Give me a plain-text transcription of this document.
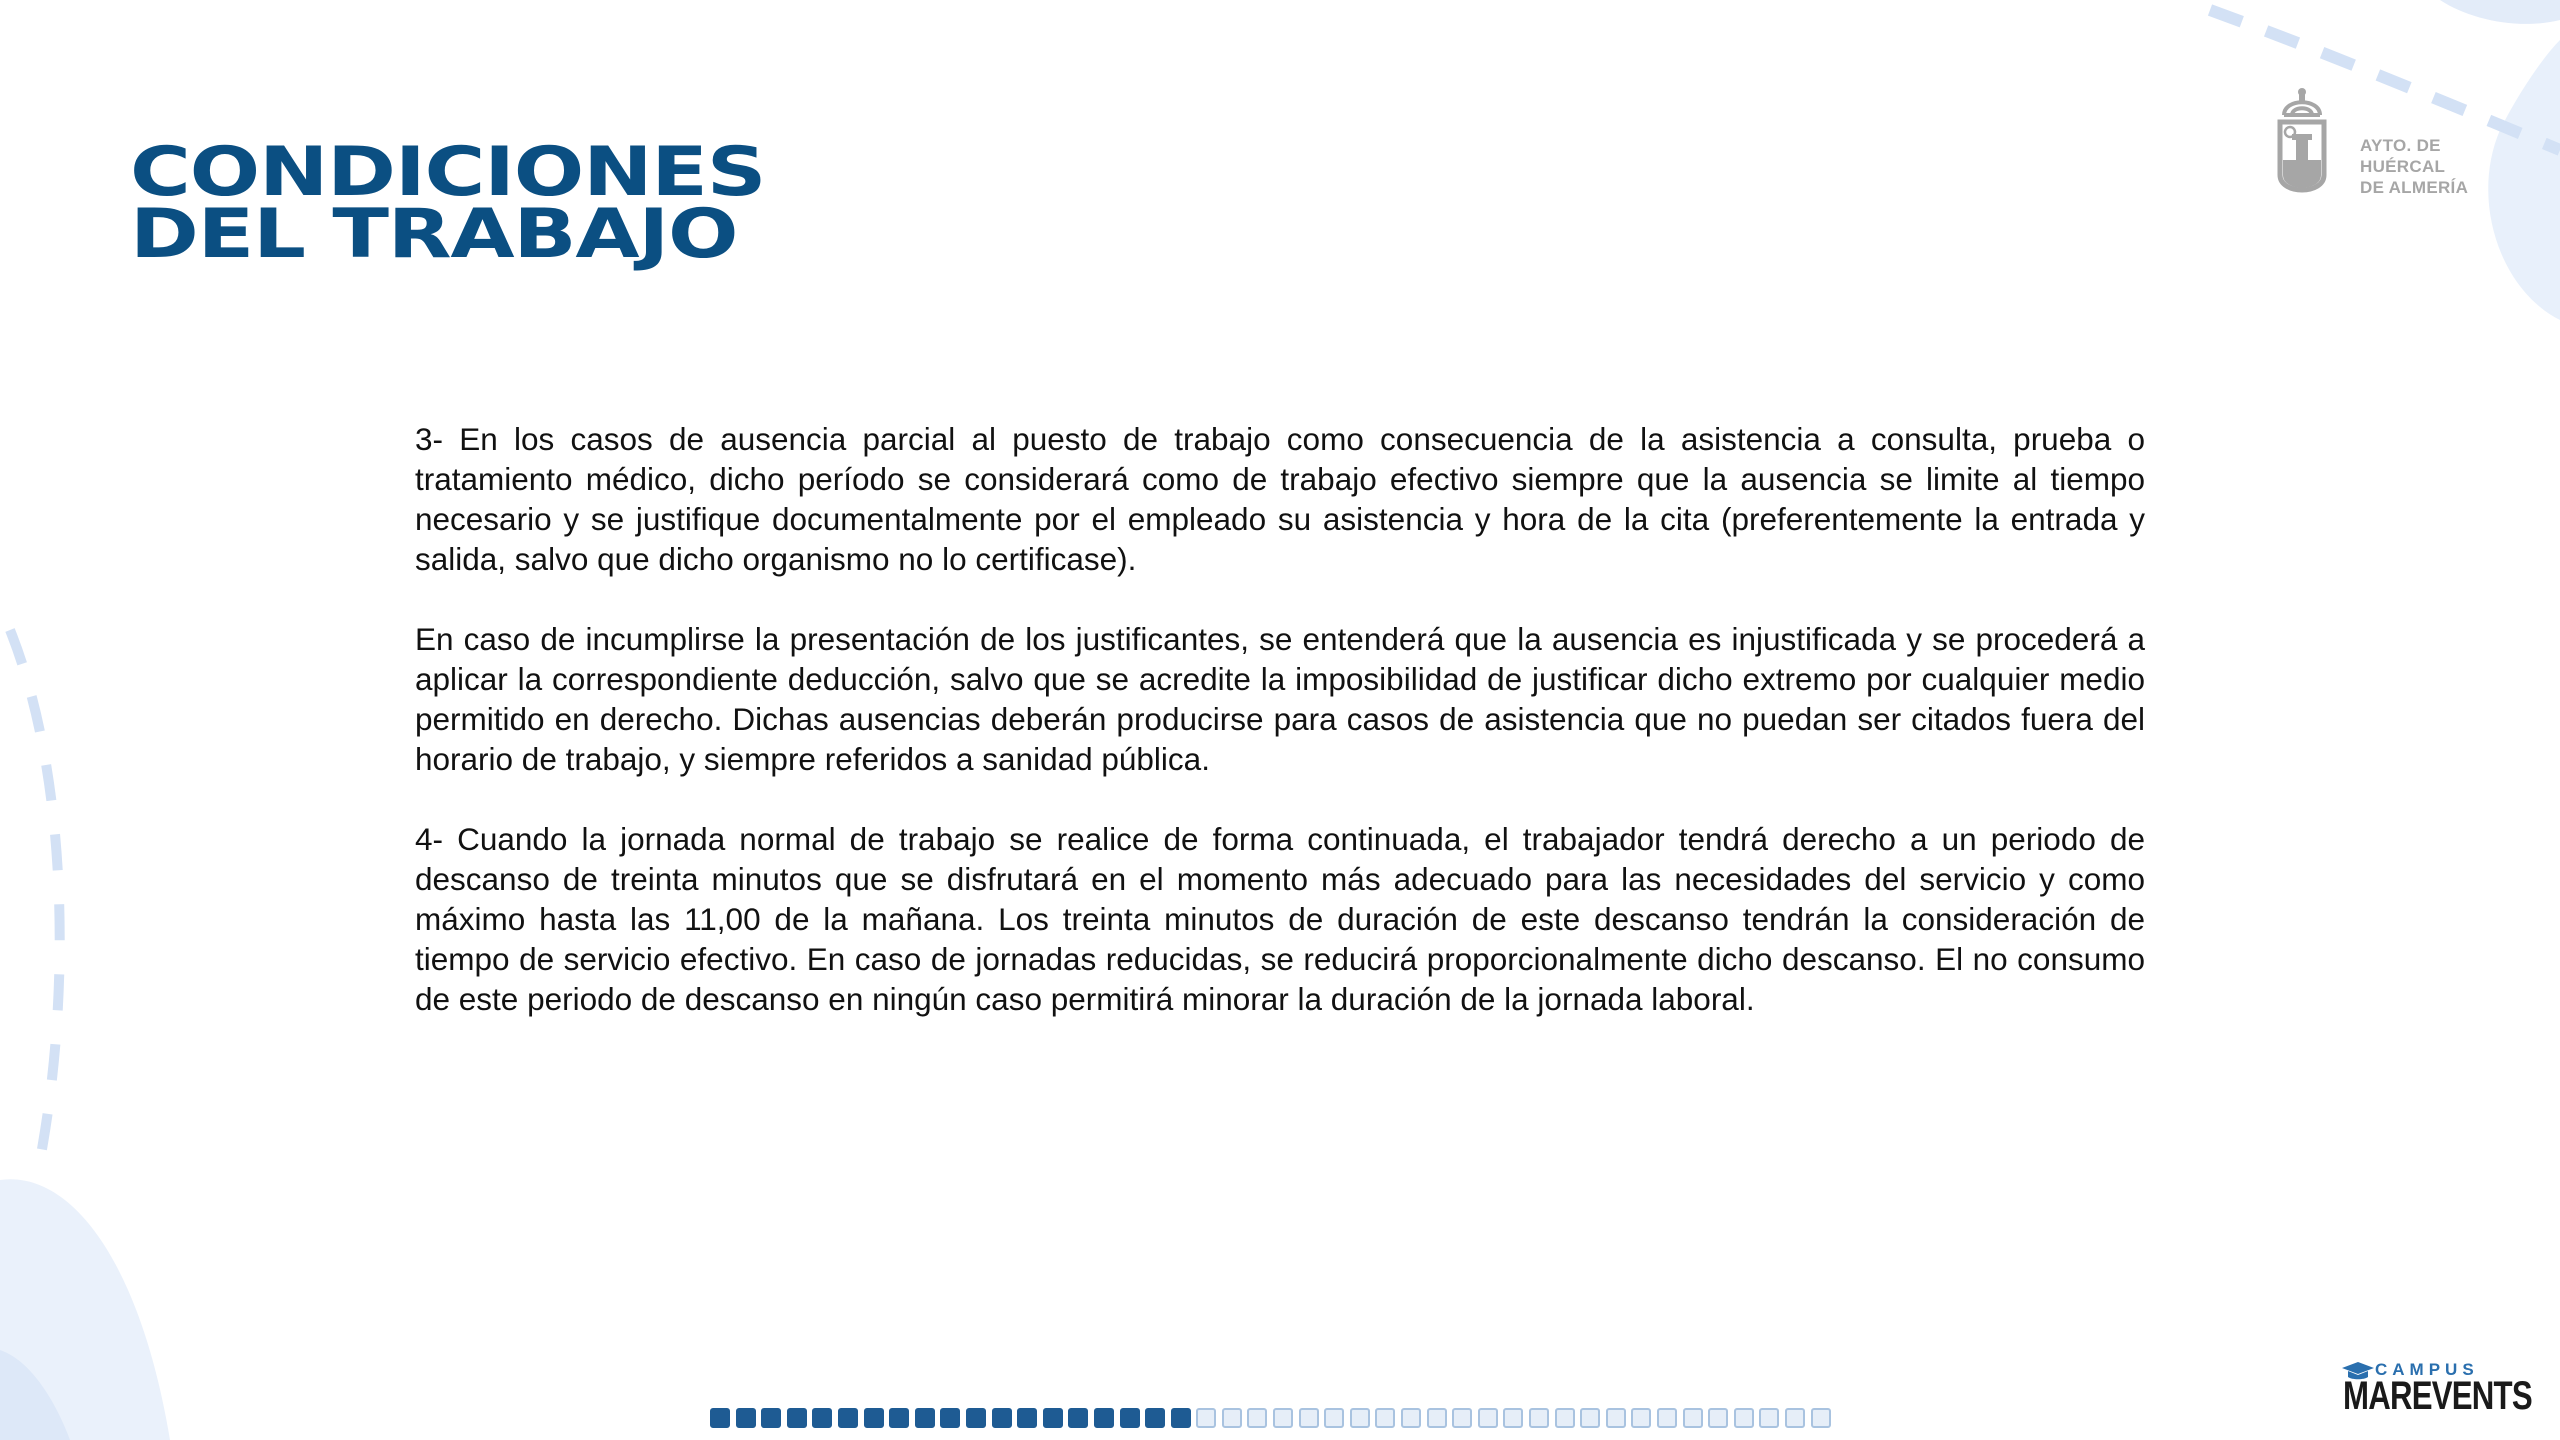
CONDICIONES
DEL TRABAJO
AYTO. DE
HUÉRCAL
DE ALMERÍA

3- En los casos de ausencia parcial al puesto de trabajo como consecuencia de la asistencia a consulta, prueba o tratamiento médico, dicho período se considerará como de trabajo efectivo siempre que la ausencia se limite al tiempo necesario y se justifique documentalmente por el empleado su asistencia y hora de la cita (preferentemente la entrada y salida, salvo que dicho organismo no lo certificase).

En caso de incumplirse la presentación de los justificantes, se entenderá que la ausencia es injustificada y se procederá a aplicar la correspondiente deducción, salvo que se acredite la imposibilidad de justificar dicho extremo por cualquier medio permitido en derecho. Dichas ausencias deberán producirse para casos de asistencia que no puedan ser citados fuera del horario de trabajo, y siempre referidos a sanidad pública.

4- Cuando la jornada normal de trabajo se realice de forma continuada, el trabajador tendrá derecho a un periodo de descanso de treinta minutos que se disfrutará en el momento más adecuado para las necesidades del servicio y como máximo hasta las 11,00 de la mañana. Los treinta minutos de duración de este descanso tendrán la consideración de tiempo de servicio efectivo. En caso de jornadas reducidas, se reducirá proporcionalmente dicho descanso. El no consumo de este periodo de descanso en ningún caso permitirá minorar la duración de la jornada laboral.

CAMPUS
MAREVENTS
